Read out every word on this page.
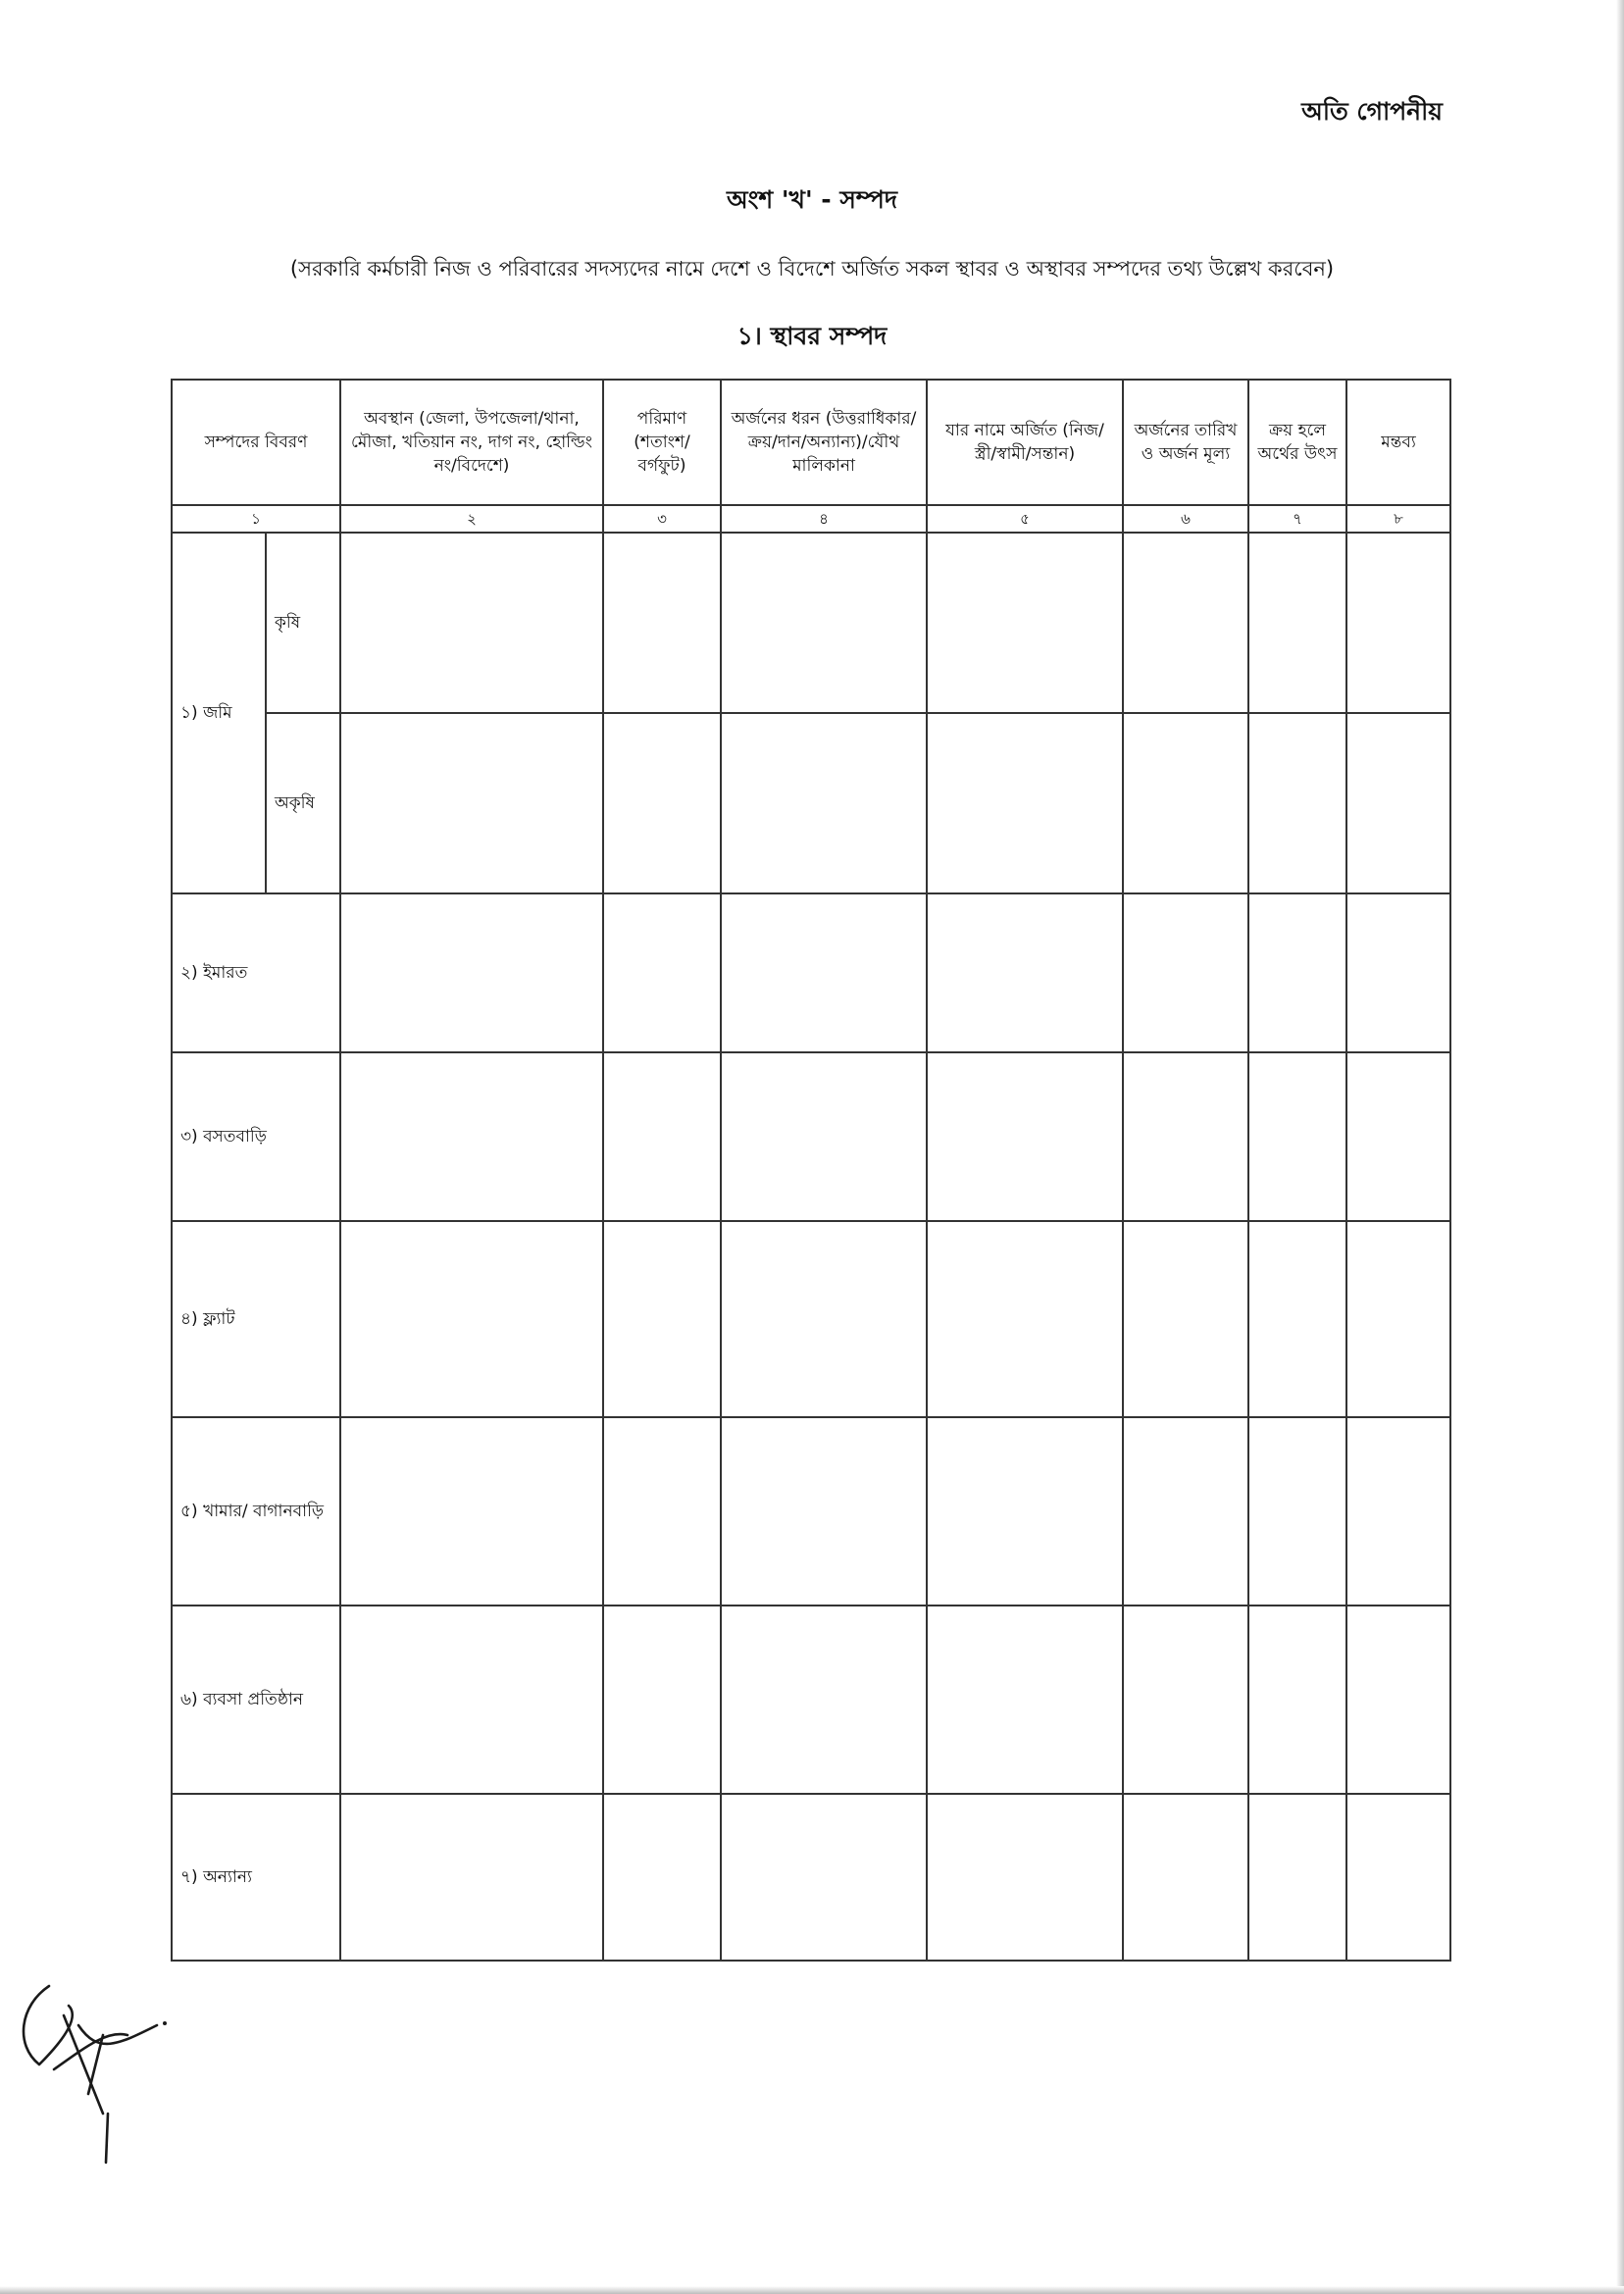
অতি গোপনীয়
অংশ 'খ' - সম্পদ
(সরকারি কর্মচারী নিজ ও পরিবারের সদস্যদের নামে দেশে ও বিদেশে অর্জিত সকল স্থাবর ও অস্থাবর সম্পদের তথ্য উল্লেখ করবেন)
১। স্থাবর সম্পদ
সম্পদের বিবরণ		অবস্থান (জেলা, উপজেলা/থানা, মৌজা, খতিয়ান নং, দাগ নং, হোল্ডিং নং/বিদেশে)	পরিমাণ (শতাংশ/ বর্গফুট)	অর্জনের ধরন (উত্তরাধিকার/ ক্রয়/দান/অন্যান্য)/যৌথ মালিকানা	যার নামে অর্জিত (নিজ/ স্ত্রী/স্বামী/সন্তান)	অর্জনের তারিখ ও অর্জন মূল্য	ক্রয় হলে অর্থের উৎস	মন্তব্য
১		২	৩	৪	৫	৬	৭	৮
১) জমি	কৃষি							
	অকৃষি							
২) ইমারত								
৩) বসতবাড়ি								
৪) ফ্ল্যাট								
৫) খামার/ বাগানবাড়ি								
৬) ব্যবসা প্রতিষ্ঠান								
৭) অন্যান্য								
